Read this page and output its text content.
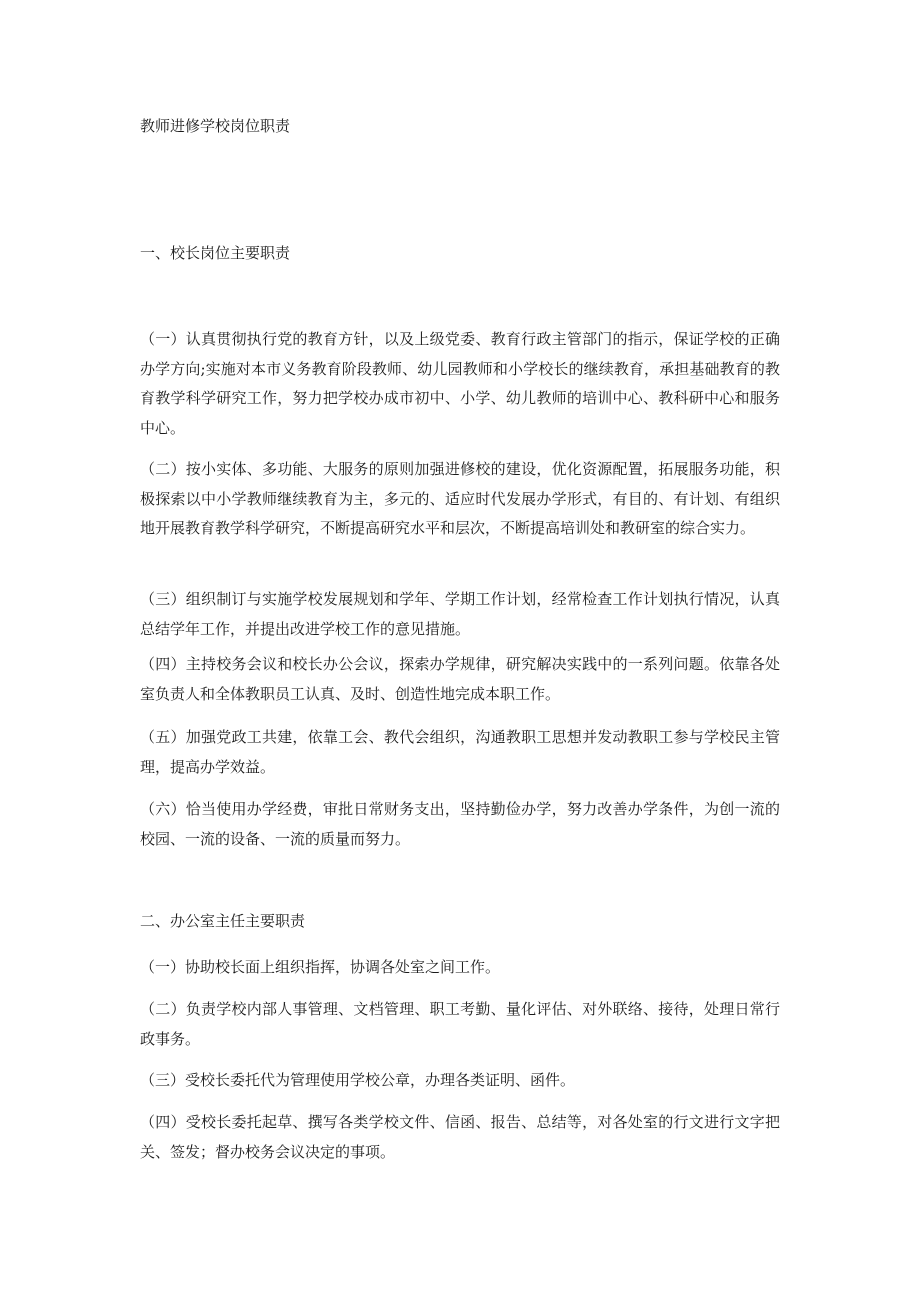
教师进修学校岗位职责
一、校长岗位主要职责

（一）认真贯彻执行党的教育方针，以及上级党委、教育行政主管部门的指示，保证学校的正确办学方向;实施对本市义务教育阶段教师、幼儿园教师和小学校长的继续教育，承担基础教育的教育教学科学研究工作，努力把学校办成市初中、小学、幼儿教师的培训中心、教科研中心和服务中心。

（二）按小实体、多功能、大服务的原则加强进修校的建设，优化资源配置，拓展服务功能，积极探索以中小学教师继续教育为主，多元的、适应时代发展办学形式，有目的、有计划、有组织地开展教育教学科学研究，不断提高研究水平和层次，不断提高培训处和教研室的综合实力。

（三）组织制订与实施学校发展规划和学年、学期工作计划，经常检查工作计划执行情况，认真总结学年工作，并提出改进学校工作的意见措施。

（四）主持校务会议和校长办公会议，探索办学规律，研究解决实践中的一系列问题。依靠各处室负责人和全体教职员工认真、及时、创造性地完成本职工作。

（五）加强党政工共建，依靠工会、教代会组织，沟通教职工思想并发动教职工参与学校民主管理，提高办学效益。

（六）恰当使用办学经费，审批日常财务支出，坚持勤俭办学，努力改善办学条件，为创一流的校园、一流的设备、一流的质量而努力。

二、办公室主任主要职责

（一）协助校长面上组织指挥，协调各处室之间工作。

（二）负责学校内部人事管理、文档管理、职工考勤、量化评估、对外联络、接待，处理日常行政事务。

（三）受校长委托代为管理使用学校公章，办理各类证明、函件。

（四）受校长委托起草、撰写各类学校文件、信函、报告、总结等，对各处室的行文进行文字把关、签发；督办校务会议决定的事项。
